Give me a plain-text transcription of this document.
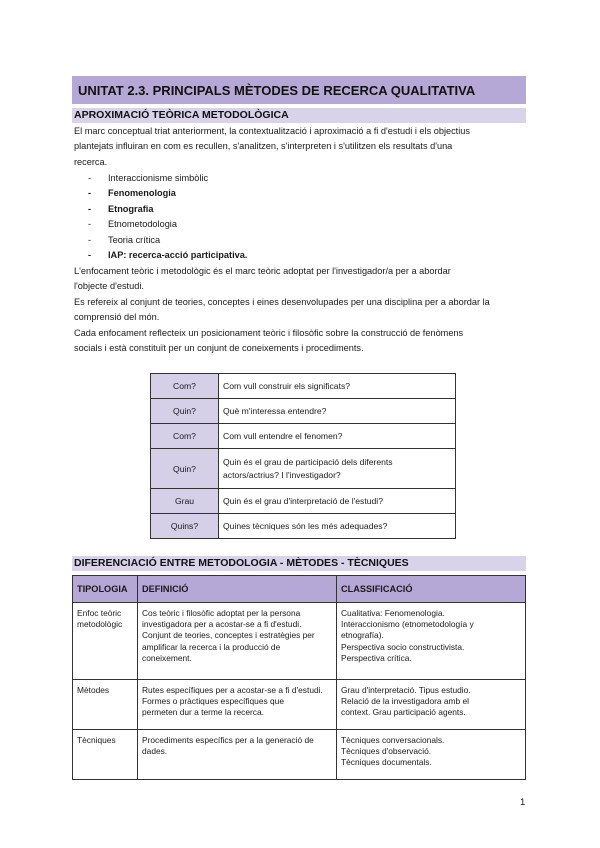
UNITAT 2.3. PRINCIPALS MÈTODES DE RECERCA QUALITATIVA
APROXIMACIÓ TEÒRICA METODOLÒGICA

El marc conceptual triat anteriorment, la contextualització i aproximació a fi d'estudi i els objectius
plantejats influiran en com es recullen, s'analitzen, s'interpreten i s'utilitzen els resultats d'una
recerca.

- Interaccionisme simbòlic
- Fenomenologia
- Etnografia
- Etnometodologia
- Teoria crítica
- IAP: recerca-acció participativa.

L'enfocament teòric i metodològic és el marc teòric adoptat per l'investigador/a per a abordar
l'objecte d'estudi.
Es refereix al conjunt de teories, conceptes i eines desenvolupades per una disciplina per a abordar la
comprensió del món.
Cada enfocament reflecteix un posicionament teòric i filosòfic sobre la construcció de fenòmens
socials i està constituït per un conjunt de coneixements i procediments.

Com?	Com vull construir els significats?
Quin?	Què m'interessa entendre?
Com?	Com vull entendre el fenomen?
Quin?	Quin és el grau de participació dels diferents
actors/actrius? I l'investigador?

Grau	Quin és el grau d'interpretació de l'estudi?
Quins?	Quines tècniques són les més adequades?
DIFERENCIACIÓ ENTRE METODOLOGIA - MÈTODES - TÈCNIQUES
TIPOLOGIA	DEFINICIÓ	CLASSIFICACIÓ

Enfoc teòric
metodològic	Cos teòric i filosòfic adoptat per la persona
investigadora per a acostar-se a fi d'estudi.
Conjunt de teories, conceptes i estratègies per
amplificar la recerca i la producció de
coneixement.	Cualitativa: Fenomenologia.
Interaccionismo (etnometodología y
etnografía).
Perspectiva socio constructivista.
Perspectiva crítica.

Mètodes	Rutes específiques per a acostar-se a fi d'estudi.
Formes o pràctiques específiques que
permeten dur a terme la recerca.	Grau d'interpretació. Tipus estudio.
Relació de la investigadora amb el
context. Grau participació agents.

Tècniques	Procediments específics per a la generació de
dades.	Tècniques conversacionals.
Tècniques d'observació.
Tècniques documentals.
1
